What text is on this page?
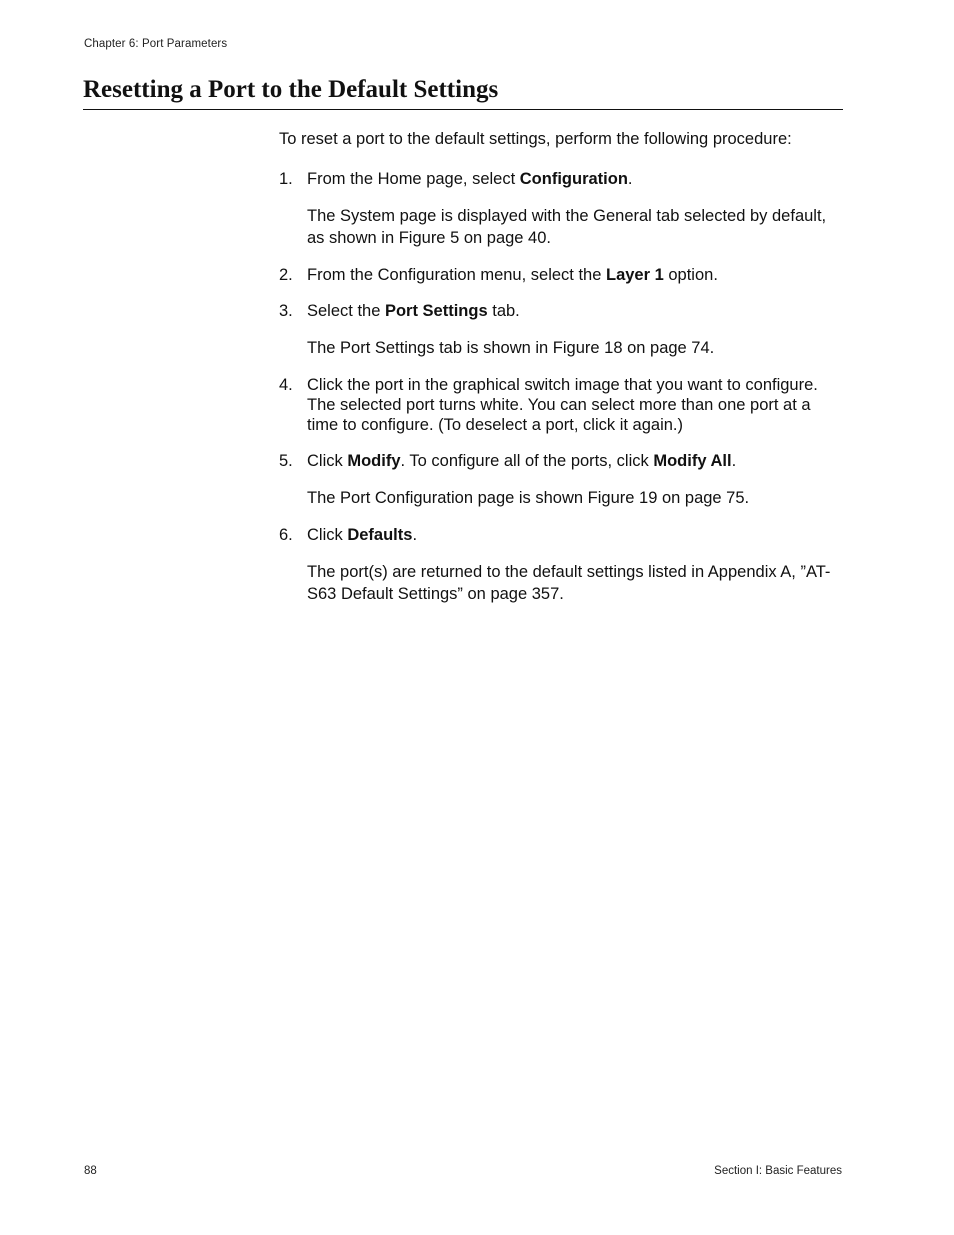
Chapter 6: Port Parameters
Resetting a Port to the Default Settings

To reset a port to the default settings, perform the following procedure:

1. From the Home page, select Configuration.

The System page is displayed with the General tab selected by default, as shown in Figure 5 on page 40.

2. From the Configuration menu, select the Layer 1 option.

3. Select the Port Settings tab.

The Port Settings tab is shown in Figure 18 on page 74.

4. Click the port in the graphical switch image that you want to configure. The selected port turns white. You can select more than one port at a time to configure. (To deselect a port, click it again.)

5. Click Modify. To configure all of the ports, click Modify All.

The Port Configuration page is shown Figure 19 on page 75.

6. Click Defaults.

The port(s) are returned to the default settings listed in Appendix A, ”AT-S63 Default Settings” on page 357.

88	Section I: Basic Features
